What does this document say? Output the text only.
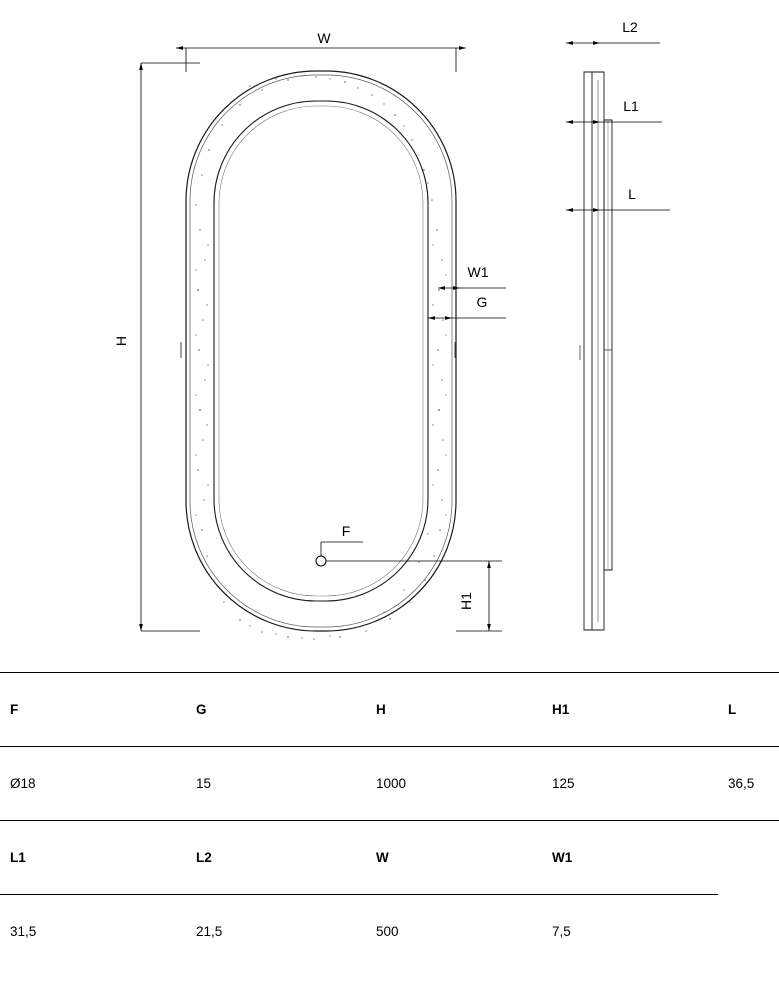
W
H
W1
G
F
H1
L2
L1
L
F	G	H	H1	L

Ø18	15	1000	125	36,5

L1	L2	W	W1	

31,5	21,5	500	7,5	
